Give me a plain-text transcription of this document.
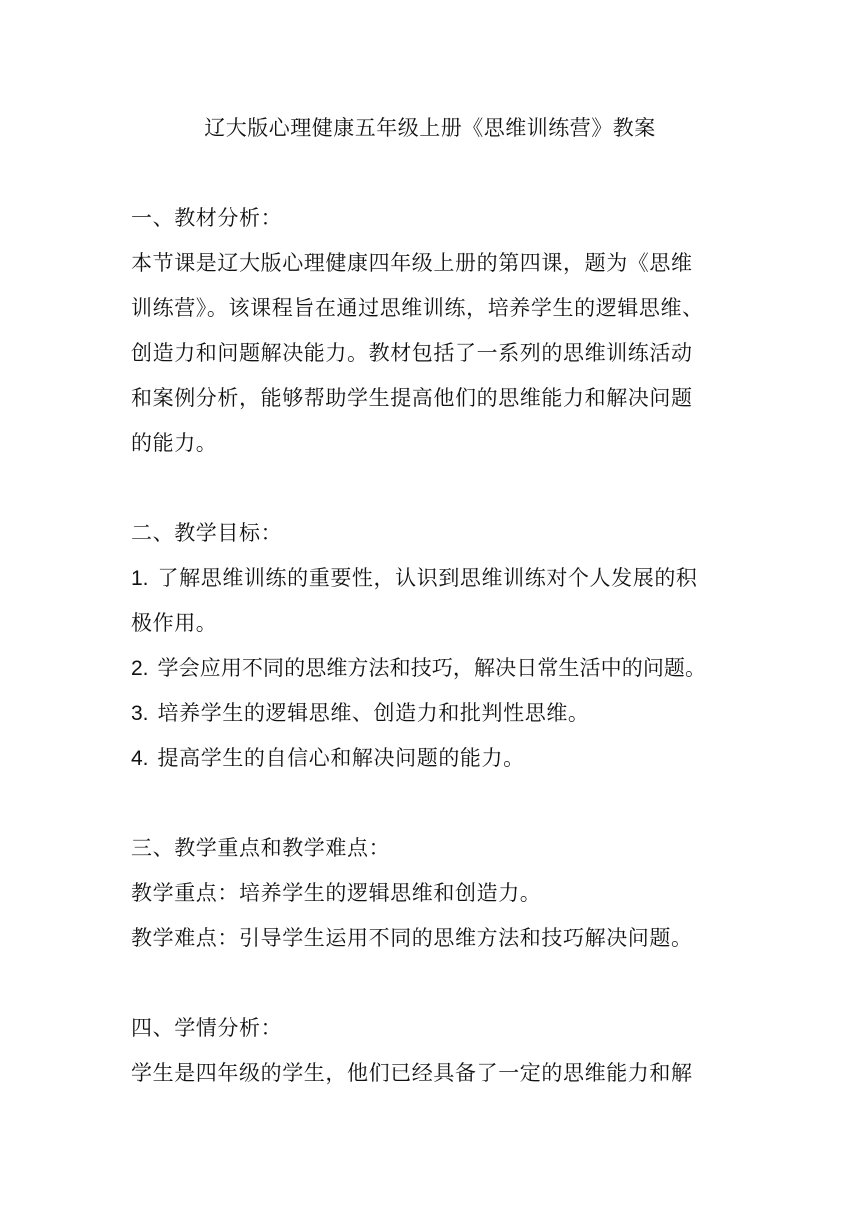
辽大版心理健康五年级上册《思维训练营》教案
一、教材分析：
本节课是辽大版心理健康四年级上册的第四课，题为《思维
训练营》。该课程旨在通过思维训练，培养学生的逻辑思维、
创造力和问题解决能力。教材包括了一系列的思维训练活动
和案例分析，能够帮助学生提高他们的思维能力和解决问题
的能力。
二、教学目标：
1. 了解思维训练的重要性，认识到思维训练对个人发展的积
极作用。
2. 学会应用不同的思维方法和技巧，解决日常生活中的问题。
3. 培养学生的逻辑思维、创造力和批判性思维。
4. 提高学生的自信心和解决问题的能力。
三、教学重点和教学难点：
教学重点：培养学生的逻辑思维和创造力。
教学难点：引导学生运用不同的思维方法和技巧解决问题。
四、学情分析：
学生是四年级的学生，他们已经具备了一定的思维能力和解
